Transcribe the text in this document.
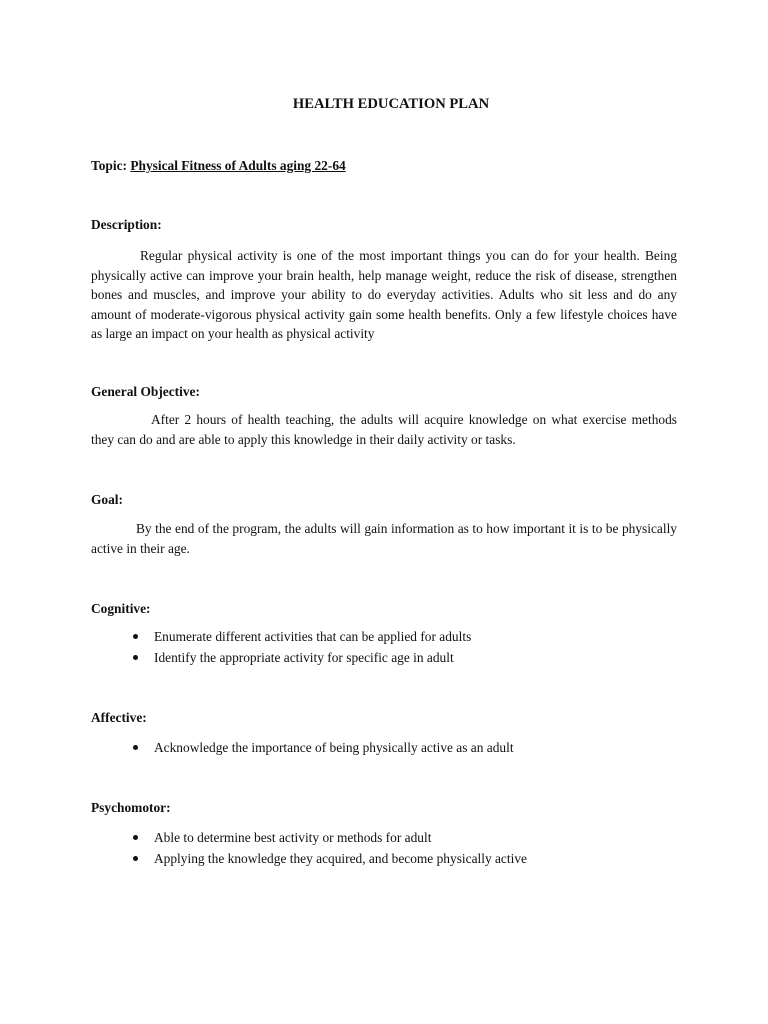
HEALTH EDUCATION PLAN

Topic: Physical Fitness of Adults aging 22-64

Description:

Regular physical activity is one of the most important things you can do for your health. Being physically active can improve your brain health, help manage weight, reduce the risk of disease, strengthen bones and muscles, and improve your ability to do everyday activities. Adults who sit less and do any amount of moderate-vigorous physical activity gain some health benefits. Only a few lifestyle choices have as large an impact on your health as physical activity

General Objective:

After 2 hours of health teaching, the adults will acquire knowledge on what exercise methods they can do and are able to apply this knowledge in their daily activity or tasks.

Goal:

By the end of the program, the adults will gain information as to how important it is to be physically active in their age.

Cognitive:

Enumerate different activities that can be applied for adults
Identify the appropriate activity for specific age in adult

Affective:

Acknowledge the importance of being physically active as an adult

Psychomotor:

Able to determine best activity or methods for adult
Applying the knowledge they acquired, and become physically active
